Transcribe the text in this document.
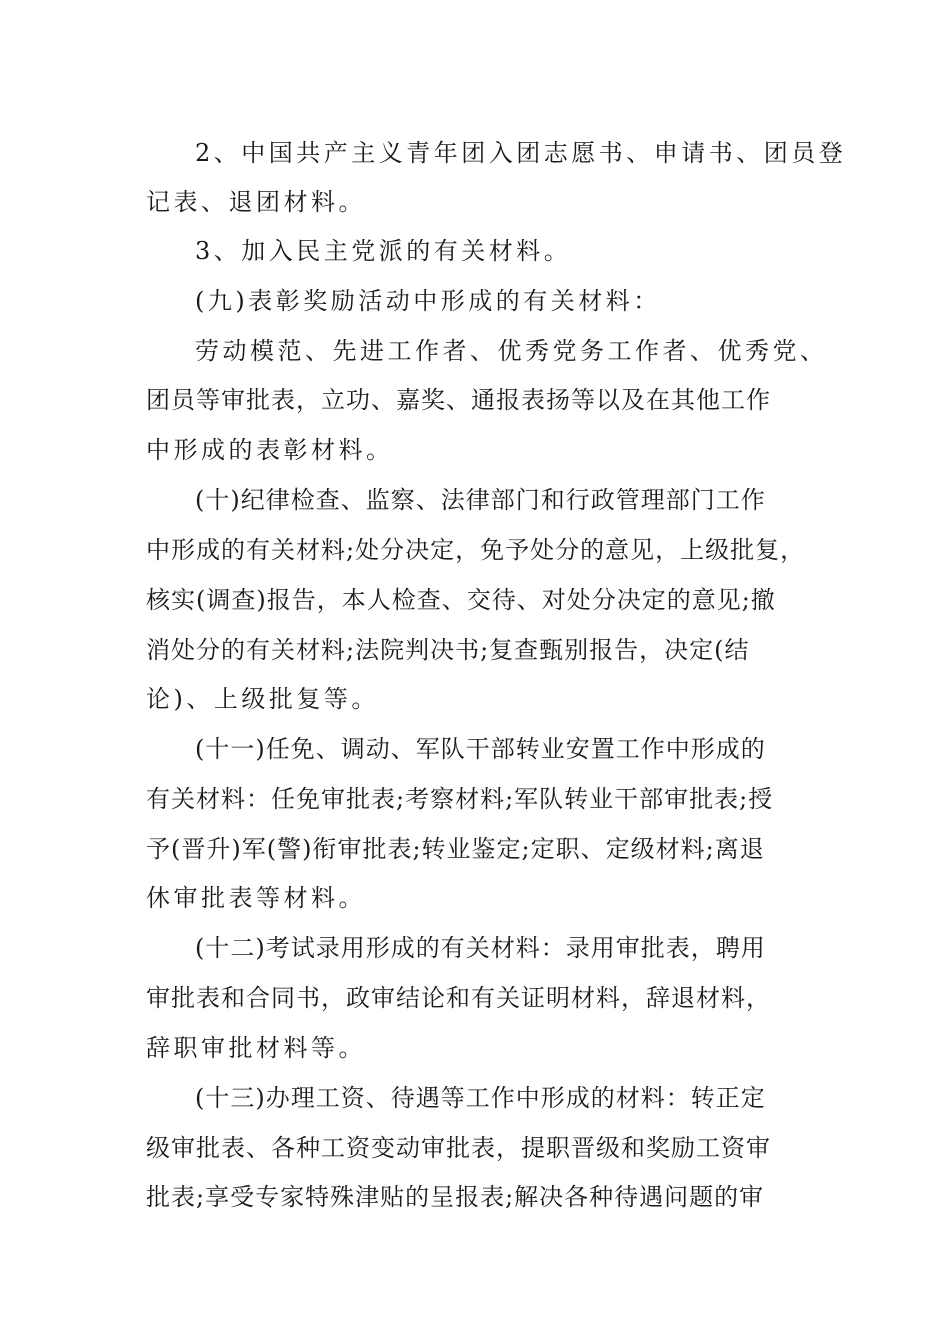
2、中国共产主义青年团入团志愿书、申请书、团员登
记表、退团材料。
3、加入民主党派的有关材料。
(九)表彰奖励活动中形成的有关材料：
劳动模范、先进工作者、优秀党务工作者、优秀党、
团员等审批表，立功、嘉奖、通报表扬等以及在其他工作
中形成的表彰材料。
(十)纪律检查、监察、法律部门和行政管理部门工作
中形成的有关材料;处分决定，免予处分的意见，上级批复，
核实(调查)报告，本人检查、交待、对处分决定的意见;撤
消处分的有关材料;法院判决书;复查甄别报告，决定(结
论)、上级批复等。
(十一)任免、调动、军队干部转业安置工作中形成的
有关材料：任免审批表;考察材料;军队转业干部审批表;授
予(晋升)军(警)衔审批表;转业鉴定;定职、定级材料;离退
休审批表等材料。
(十二)考试录用形成的有关材料：录用审批表，聘用
审批表和合同书，政审结论和有关证明材料，辞退材料，
辞职审批材料等。
(十三)办理工资、待遇等工作中形成的材料：转正定
级审批表、各种工资变动审批表，提职晋级和奖励工资审
批表;享受专家特殊津贴的呈报表;解决各种待遇问题的审
